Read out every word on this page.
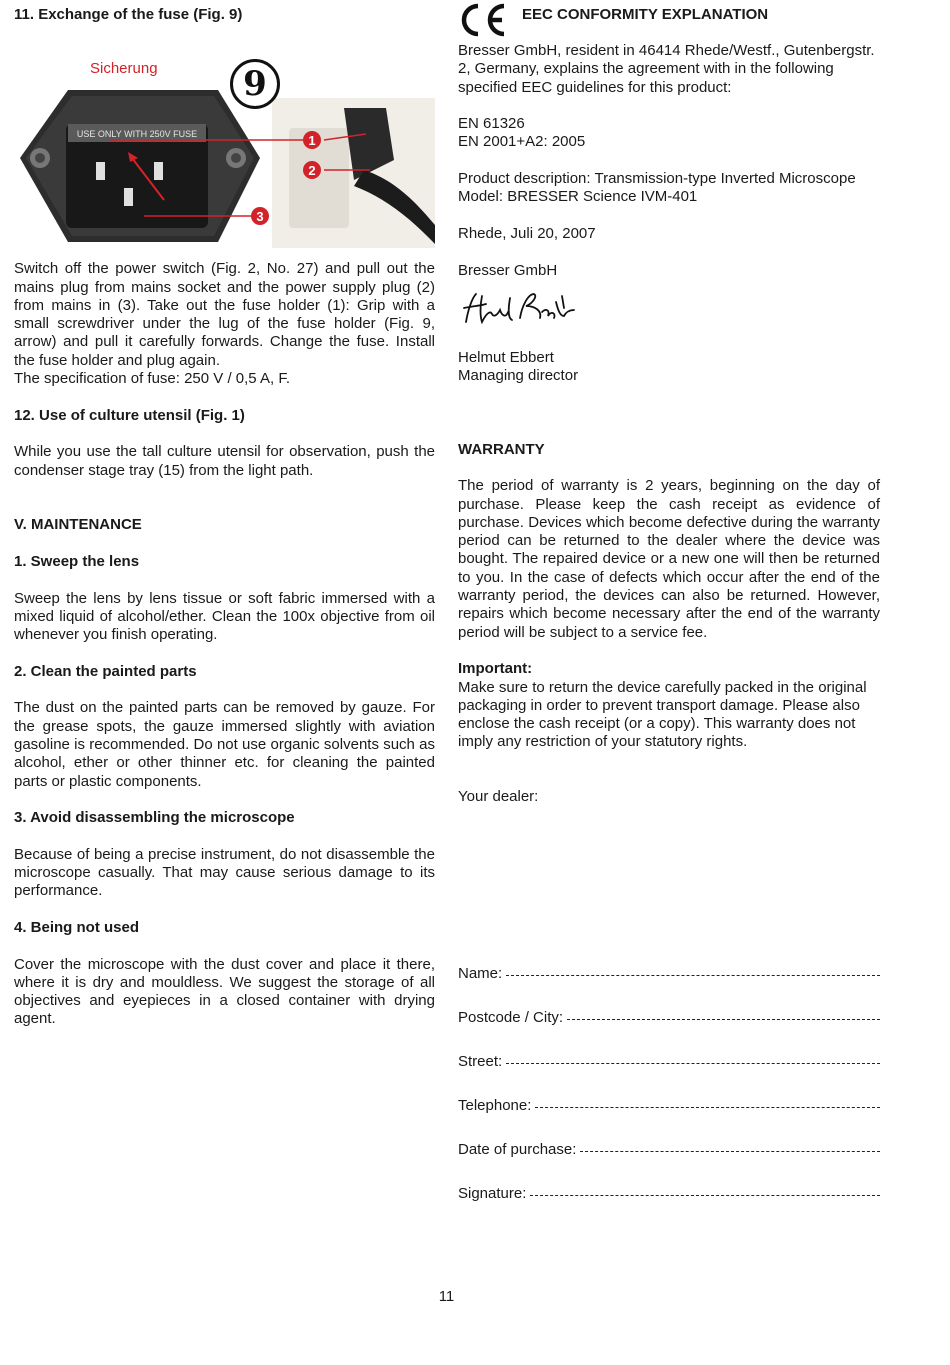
11. Exchange of the fuse (Fig. 9)
USE ONLY WITH 250V FUSE	1
2
3
Sicherung	9

Switch off the power switch (Fig. 2, No. 27) and pull out the mains plug from mains socket and the power supply plug (2) from mains in (3). Take out the fuse holder (1): Grip with a small screwdriver under the lug of the fuse holder (Fig. 9, arrow) and pull it carefully forwards. Change the fuse. Install the fuse holder and plug again.

The specification of fuse: 250 V / 0,5 A, F.

12. Use of culture utensil (Fig. 1)

While you use the tall culture utensil for observation, push the condenser stage tray (15) from the light path.

V. MAINTENANCE
1. Sweep the lens

Sweep the lens by lens tissue or soft fabric immersed with a mixed liquid of alcohol/ether. Clean the 100x objective from oil whenever you finish operating.

2. Clean the painted parts

The dust on the painted parts can be removed by gauze. For the grease spots, the gauze immersed slightly with aviation gasoline is recommended. Do not use organic solvents such as alcohol, ether or other thinner etc. for cleaning the painted parts or plastic components.

3. Avoid disassembling the microscope

Because of being a precise instrument, do not disassemble the microscope casually. That may cause serious damage to its performance.

4. Being not used

Cover the microscope with the dust cover and place it there, where it is dry and mouldless. We suggest the storage of all objectives and eyepieces in a closed container with drying agent.

EEC CONFORMITY EXPLANATION

Bresser GmbH, resident in 46414 Rhede/Westf., Gutenbergstr. 2, Germany, explains the agreement with in the following specified EEC guidelines for this product:

EN 61326

EN 2001+A2: 2005

Product description: Transmission-type Inverted Microscope

Model: BRESSER Science IVM-401

Rhede, Juli 20, 2007

Bresser GmbH

Helmut Ebbert

Managing director

WARRANTY

The period of warranty is 2 years, beginning on the day of purchase. Please keep the cash receipt as evidence of purchase. Devices which become defective during the warranty period can be returned to the dealer where the device was bought. The repaired device or a new one will then be returned to you. In the case of defects which occur after the end of the warranty period, the devices can also be returned. However, repairs which become necessary after the end of the warranty period will be subject to a service fee.

Important:

Make sure to return the device carefully packed in the original packaging in order to prevent transport damage. Please also enclose the cash receipt (or a copy). This warranty does not imply any restriction of your statutory rights.

Your dealer:

Name:
Postcode / City:
Street:
Telephone:
Date of purchase:
Signature:
11
